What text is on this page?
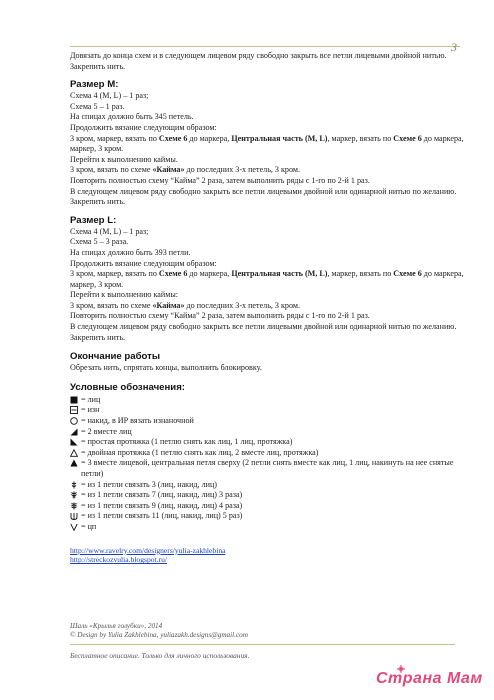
3

Довязать до конца схем и в следующем лицевом ряду свободно закрыть все петли лицевыми двойной нитью. Закрепить нить.

Размер М:

Схема 4 (M, L) – 1 раз;

Схема 5 – 1 раз.

На спицах должно быть 345 петель.

Продолжить вязание следующим образом:

3 кром, маркер, вязать по Схеме 6 до маркера, Центральная часть (M, L), маркер, вязать по Схеме 6 до маркера, маркер, 3 кром.

Перейти к выполнению каймы.

3 кром, вязать по схеме «Кайма» до последних 3-х петель, 3 кром.

Повторить полностью схему “Кайма” 2 раза, затем выполнить ряды с 1-го по 2-й 1 раз.

В следующем лицевом ряду свободно закрыть все петли лицевыми двойной или одинарной нитью по желанию. Закрепить нить.

Размер L:

Схема 4 (M, L) – 1 раз;

Схема 5 – 3 раза.

На спицах должно быть 393 петли.

Продолжить вязание следующим образом:

3 кром, маркер, вязать по Схеме 6 до маркера, Центральная часть (M, L), маркер, вязать по Схеме 6 до маркера, маркер, 3 кром.

Перейти к выполнению каймы:

3 кром, вязать по схеме «Кайма» до последних 3-х петель, 3 кром.

Повторить полностью схему “Кайма” 2 раза, затем выполнить ряды с 1-го по 2-й 1 раз.

В следующем лицевом ряду свободно закрыть все петли лицевыми двойной или одинарной нитью по желанию. Закрепить нить.

Окончание работы

Обрезать нить, спрятать концы, выполнить блокировку.

Условные обозначения:

= лиц
= изн
= накид, в ИР вязать изнаночной
= 2 вместе лиц
= простая протяжка (1 петлю снять как лиц, 1 лиц, протяжка)
= двойная протяжка (1 петлю снять как лиц, 2 вместе лиц, протяжка)
= 3 вместе лицевой, центральная петля сверху (2 петли снять вместе как лиц, 1 лиц, накинуть на нее снятые петли)
= из 1 петли связать 3 (лиц, накид, лиц)
= из 1 петли связать 7 (лиц, накид, лиц) 3 раза)
= из 1 петли связать 9 (лиц, накид, лиц) 4 раза)
= из 1 петли связать 11 (лиц, накид, лиц) 5 раз)
= цп
http://www.ravelry.com/designers/yulia-zakhlebina
http://streckozvulia.blogspot.ru/
Шаль «Крылья голубки», 2014
© Design by Yulia Zakhlebina, yuliazakh.designs@gmail.com
Бесплатное описание. Только для личного использования.
Страна Мам
